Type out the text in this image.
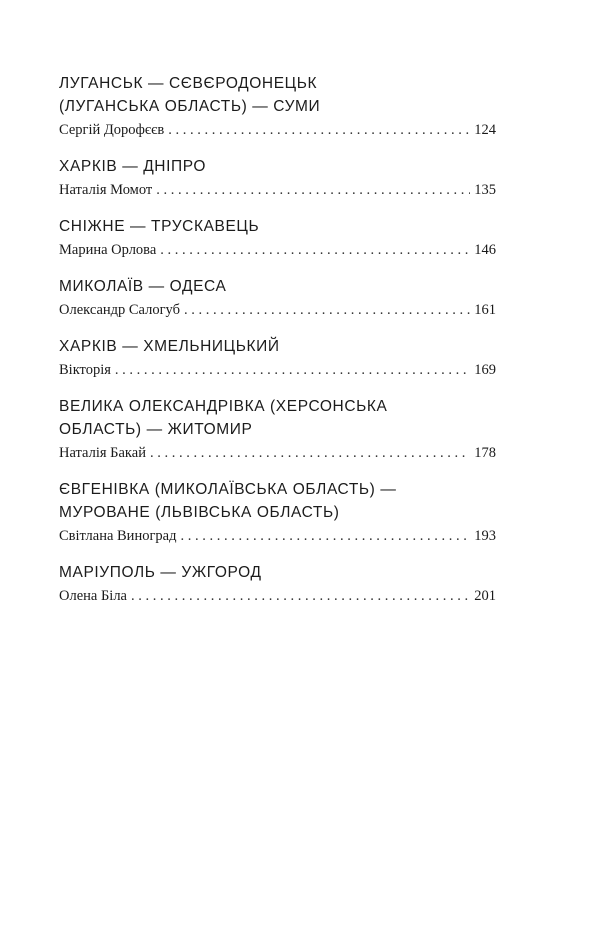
ЛУГАНСЬК — СЄВЄРОДОНЕЦЬК
(ЛУГАНСЬКА ОБЛАСТЬ) — СУМИ
Сергій Дорофєєв . . .	124
ХАРКІВ — ДНІПРО
Наталія Момот . . .	135
СНІЖНЕ — ТРУСКАВЕЦЬ
Марина Орлова . . .	146
МИКОЛАЇВ — ОДЕСА
Олександр Салогуб . . .	161
ХАРКІВ — ХМЕЛЬНИЦЬКИЙ
Вікторія . . .	169
ВЕЛИКА ОЛЕКСАНДРІВКА (ХЕРСОНСЬКА
ОБЛАСТЬ) — ЖИТОМИР
Наталія Бакай . . .	178
ЄВГЕНІВКА (МИКОЛАЇВСЬКА ОБЛАСТЬ) —
МУРОВАНЕ (ЛЬВІВСЬКА ОБЛАСТЬ)
Світлана Виноград . . .	193
МАРІУПОЛЬ — УЖГОРОД
Олена Біла . . .	201
